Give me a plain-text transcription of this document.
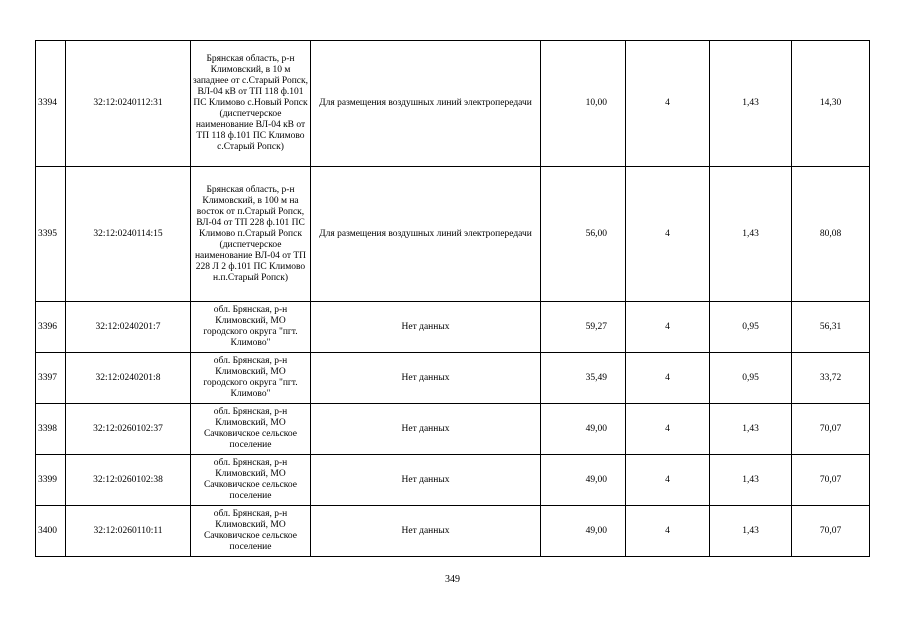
3394	32:12:0240112:31	Брянская область, р-н Климовский, в 10 м западнее от с.Старый Ропск, ВЛ-04 кВ от ТП 118 ф.101 ПС Климово с.Новый Ропск (диспетчерское наименование ВЛ-04 кВ от ТП 118 ф.101 ПС Климово с.Старый Ропск)	Для размещения воздушных линий электропередачи	10,00	4	1,43	14,30
3395	32:12:0240114:15	Брянская область, р-н Климовский, в 100 м на восток от п.Старый Ропск, ВЛ-04 от ТП 228 ф.101 ПС Климово п.Старый Ропск (диспетчерское наименование ВЛ-04 от ТП 228 Л 2 ф.101 ПС Климово н.п.Старый Ропск)	Для размещения воздушных линий электропередачи	56,00	4	1,43	80,08
3396	32:12:0240201:7	обл. Брянская, р-н Климовский, МО городского округа "пгт. Климово"	Нет данных	59,27	4	0,95	56,31
3397	32:12:0240201:8	обл. Брянская, р-н Климовский, МО городского округа "пгт. Климово"	Нет данных	35,49	4	0,95	33,72
3398	32:12:0260102:37	обл. Брянская, р-н Климовский, МО Сачковичское сельское поселение	Нет данных	49,00	4	1,43	70,07
3399	32:12:0260102:38	обл. Брянская, р-н Климовский, МО Сачковичское сельское поселение	Нет данных	49,00	4	1,43	70,07
3400	32:12:0260110:11	обл. Брянская, р-н Климовский, МО Сачковичское сельское поселение	Нет данных	49,00	4	1,43	70,07
349
